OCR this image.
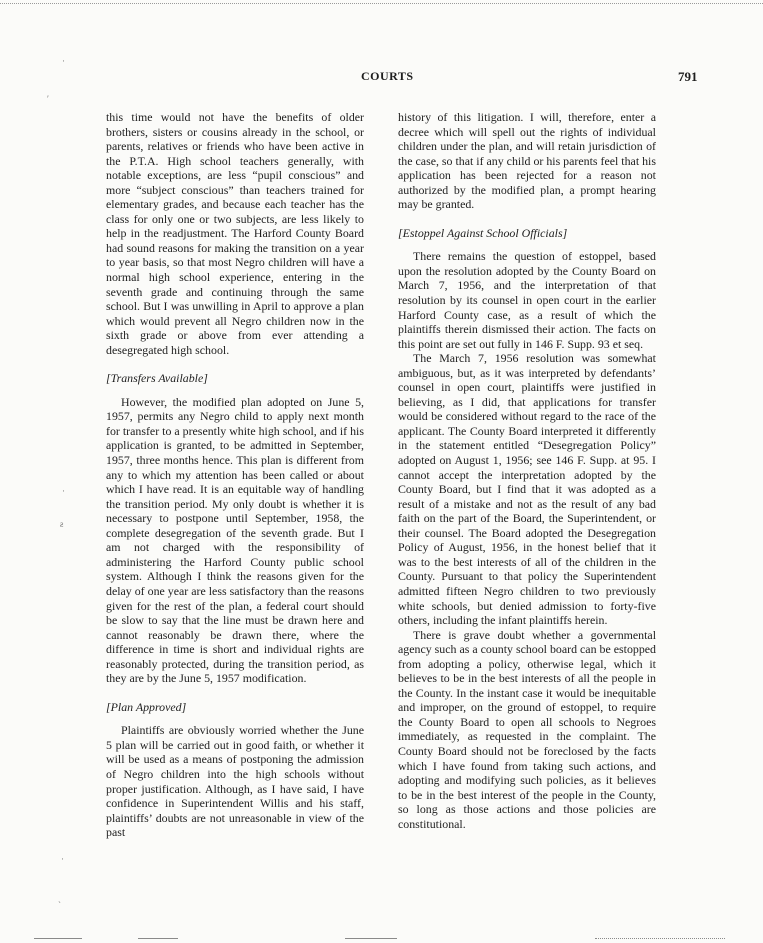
COURTS	791

this time would not have the benefits of older brothers, sisters or cousins already in the school, or parents, relatives or friends who have been active in the P.T.A. High school teachers generally, with notable exceptions, are less “pupil conscious” and more “subject conscious” than teachers trained for elementary grades, and because each teacher has the class for only one or two subjects, are less likely to help in the readjustment. The Harford County Board had sound reasons for making the transition on a year to year basis, so that most Negro children will have a normal high school experience, entering in the seventh grade and continuing through the same school. But I was unwilling in April to approve a plan which would prevent all Negro children now in the sixth grade or above from ever attending a desegregated high school.

[Transfers Available]

However, the modified plan adopted on June 5, 1957, permits any Negro child to apply next month for transfer to a presently white high school, and if his application is granted, to be admitted in September, 1957, three months hence. This plan is different from any to which my attention has been called or about which I have read. It is an equitable way of handling the transition period. My only doubt is whether it is necessary to postpone until September, 1958, the complete desegregation of the seventh grade. But I am not charged with the responsibility of administering the Harford County public school system. Although I think the reasons given for the delay of one year are less satisfactory than the reasons given for the rest of the plan, a federal court should be slow to say that the line must be drawn here and cannot reasonably be drawn there, where the difference in time is short and individual rights are reasonably protected, during the transition period, as they are by the June 5, 1957 modification.

[Plan Approved]

Plaintiffs are obviously worried whether the June 5 plan will be carried out in good faith, or whether it will be used as a means of postponing the admission of Negro children into the high schools without proper justification. Although, as I have said, I have confidence in Superintendent Willis and his staff, plaintiffs’ doubts are not unreasonable in view of the past

history of this litigation. I will, therefore, enter a decree which will spell out the rights of individual children under the plan, and will retain jurisdiction of the case, so that if any child or his parents feel that his application has been rejected for a reason not authorized by the modified plan, a prompt hearing may be granted.

[Estoppel Against School Officials]

There remains the question of estoppel, based upon the resolution adopted by the County Board on March 7, 1956, and the interpretation of that resolution by its counsel in open court in the earlier Harford County case, as a result of which the plaintiffs therein dismissed their action. The facts on this point are set out fully in 146 F. Supp. 93 et seq.

The March 7, 1956 resolution was somewhat ambiguous, but, as it was interpreted by defendants’ counsel in open court, plaintiffs were justified in believing, as I did, that applications for transfer would be considered without regard to the race of the applicant. The County Board interpreted it differently in the statement entitled “Desegregation Policy” adopted on August 1, 1956; see 146 F. Supp. at 95. I cannot accept the interpretation adopted by the County Board, but I find that it was adopted as a result of a mistake and not as the result of any bad faith on the part of the Board, the Superintendent, or their counsel. The Board adopted the Desegregation Policy of August, 1956, in the honest belief that it was to the best interests of all of the children in the County. Pursuant to that policy the Superintendent admitted fifteen Negro children to two previously white schools, but denied admission to forty-five others, including the infant plaintiffs herein.

There is grave doubt whether a governmental agency such as a county school board can be estopped from adopting a policy, otherwise legal, which it believes to be in the best interests of all the people in the County. In the instant case it would be inequitable and improper, on the ground of estoppel, to require the County Board to open all schools to Negroes immediately, as requested in the complaint. The County Board should not be foreclosed by the facts which I have found from taking such actions, and adopting and modifying such policies, as it believes to be in the best interest of the people in the County, so long as those actions and those policies are constitutional.

·
′
·
ƨ
·
ˎ
